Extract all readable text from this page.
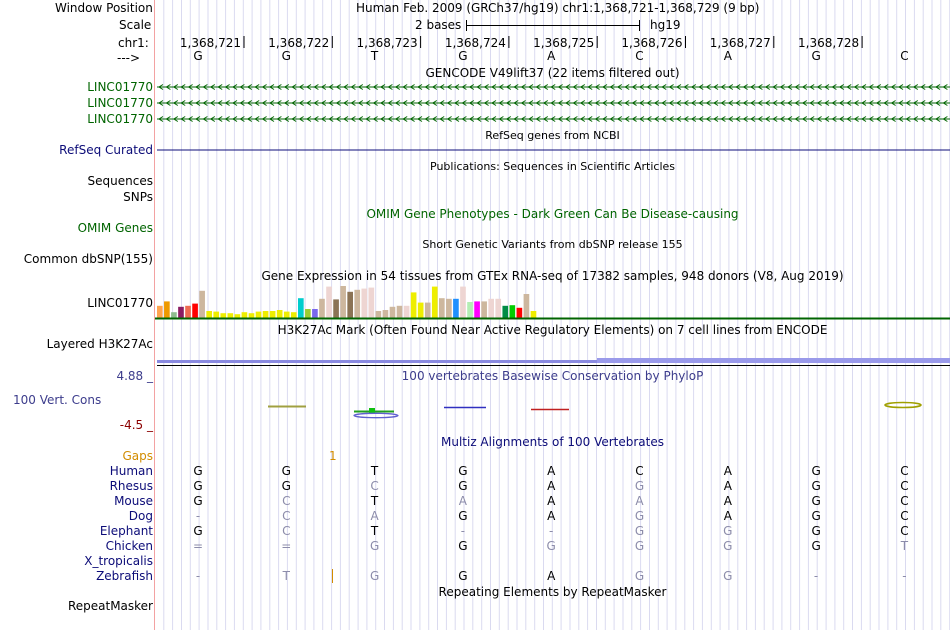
Window Position	Human Feb. 2009 (GRCh37/hg19) chr1:1,368,721-1,368,729 (9 bp)
Scale	2 bases	hg19
chr1:	1,368,721 1,368,722 1,368,723 1,368,724 1,368,725 1,368,726 1,368,727 1,368,728
--->	G	G	T	G	A	C	A	G	C
GENCODE V49lift37 (22 items filtered out)
LINC01770
LINC01770
LINC01770
RefSeq genes from NCBI
RefSeq Curated
Publications: Sequences in Scientific Articles
Sequences
SNPs
OMIM Gene Phenotypes - Dark Green Can Be Disease-causing
OMIM Genes
Short Genetic Variants from dbSNP release 155
Common dbSNP(155)
Gene Expression in 54 tissues from GTEx RNA-seq of 17382 samples, 948 donors (V8, Aug 2019)
LINC01770
H3K27Ac Mark (Often Found Near Active Regulatory Elements) on 7 cell lines from ENCODE
Layered H3K27Ac
100 vertebrates Basewise Conservation by PhyloP
4.88 _
100 Vert. Cons
-4.5 _
Multiz Alignments of 100 Vertebrates
Gaps	1
Human	G	G	T	G	A	C	A	G	C
Rhesus	G	G	C	G	A	G	A	G	C
Mouse	G	C	T	A	A	A	A	G	C
Dog	-	C	A	G	A	G	A	G	C
Elephant	G	C	T	-	-	G	G	G	C
Chicken	=	=	G	G	G	G	G	G	T
X_tropicalis
Zebrafish	-	T	G	G	A	G	G	-	-
Repeating Elements by RepeatMasker
RepeatMasker
